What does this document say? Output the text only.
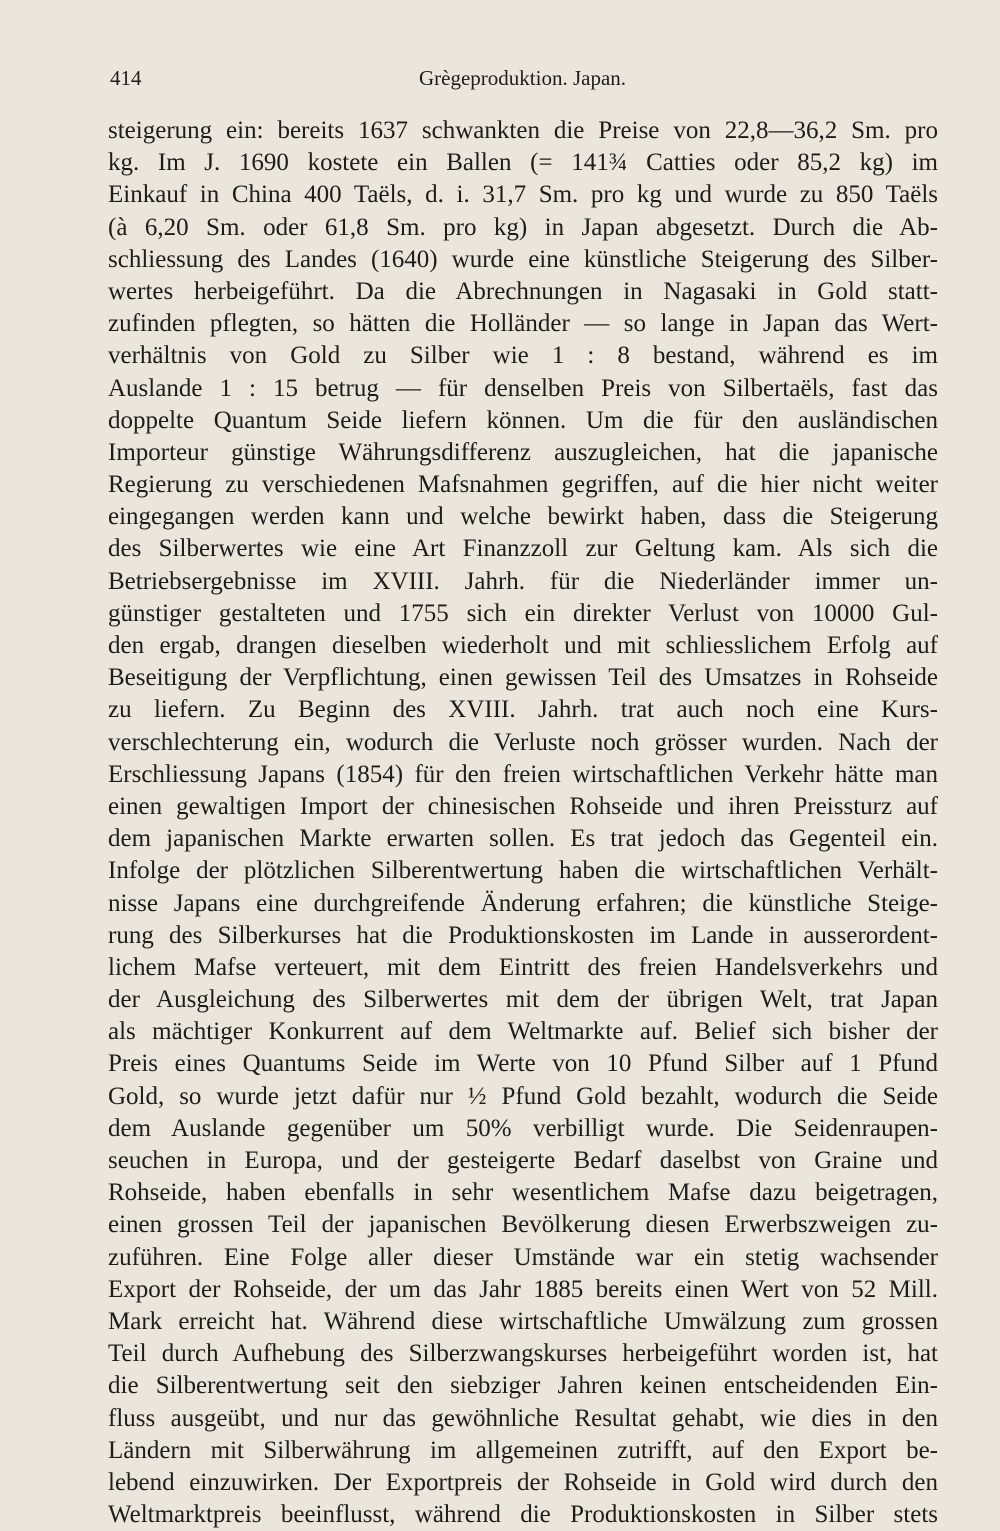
414	Grègeproduktion. Japan.
steigerung ein: bereits 1637 schwankten die Preise von 22,8—36,2 Sm. pro
kg. Im J. 1690 kostete ein Ballen (= 141¾ Catties oder 85,2 kg) im
Einkauf in China 400 Taëls, d. i. 31,7 Sm. pro kg und wurde zu 850 Taëls
(à 6,20 Sm. oder 61,8 Sm. pro kg) in Japan abgesetzt. Durch die Ab-
schliessung des Landes (1640) wurde eine künstliche Steigerung des Silber-
wertes herbeigeführt. Da die Abrechnungen in Nagasaki in Gold statt-
zufinden pflegten, so hätten die Holländer — so lange in Japan das Wert-
verhältnis von Gold zu Silber wie 1 : 8 bestand, während es im
Auslande 1 : 15 betrug — für denselben Preis von Silbertaëls, fast das
doppelte Quantum Seide liefern können. Um die für den ausländischen
Importeur günstige Währungsdifferenz auszugleichen, hat die japanische
Regierung zu verschiedenen Mafsnahmen gegriffen, auf die hier nicht weiter
eingegangen werden kann und welche bewirkt haben, dass die Steigerung
des Silberwertes wie eine Art Finanzzoll zur Geltung kam. Als sich die
Betriebsergebnisse im XVIII. Jahrh. für die Niederländer immer un-
günstiger gestalteten und 1755 sich ein direkter Verlust von 10000 Gul-
den ergab, drangen dieselben wiederholt und mit schliesslichem Erfolg auf
Beseitigung der Verpflichtung, einen gewissen Teil des Umsatzes in Rohseide
zu liefern. Zu Beginn des XVIII. Jahrh. trat auch noch eine Kurs-
verschlechterung ein, wodurch die Verluste noch grösser wurden. Nach der
Erschliessung Japans (1854) für den freien wirtschaftlichen Verkehr hätte man
einen gewaltigen Import der chinesischen Rohseide und ihren Preissturz auf
dem japanischen Markte erwarten sollen. Es trat jedoch das Gegenteil ein.
Infolge der plötzlichen Silberentwertung haben die wirtschaftlichen Verhält-
nisse Japans eine durchgreifende Änderung erfahren; die künstliche Steige-
rung des Silberkurses hat die Produktionskosten im Lande in ausserordent-
lichem Mafse verteuert, mit dem Eintritt des freien Handelsverkehrs und
der Ausgleichung des Silberwertes mit dem der übrigen Welt, trat Japan
als mächtiger Konkurrent auf dem Weltmarkte auf. Belief sich bisher der
Preis eines Quantums Seide im Werte von 10 Pfund Silber auf 1 Pfund
Gold, so wurde jetzt dafür nur ½ Pfund Gold bezahlt, wodurch die Seide
dem Auslande gegenüber um 50% verbilligt wurde. Die Seidenraupen-
seuchen in Europa, und der gesteigerte Bedarf daselbst von Graine und
Rohseide, haben ebenfalls in sehr wesentlichem Mafse dazu beigetragen,
einen grossen Teil der japanischen Bevölkerung diesen Erwerbszweigen zu-
zuführen. Eine Folge aller dieser Umstände war ein stetig wachsender
Export der Rohseide, der um das Jahr 1885 bereits einen Wert von 52 Mill.
Mark erreicht hat. Während diese wirtschaftliche Umwälzung zum grossen
Teil durch Aufhebung des Silberzwangskurses herbeigeführt worden ist, hat
die Silberentwertung seit den siebziger Jahren keinen entscheidenden Ein-
fluss ausgeübt, und nur das gewöhnliche Resultat gehabt, wie dies in den
Ländern mit Silberwährung im allgemeinen zutrifft, auf den Export be-
lebend einzuwirken. Der Exportpreis der Rohseide in Gold wird durch den
Weltmarktpreis beeinflusst, während die Produktionskosten in Silber stets
